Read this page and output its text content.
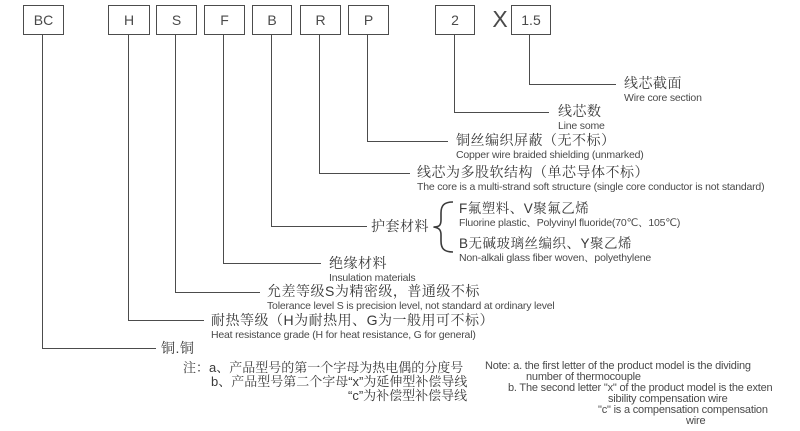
BC	H	S	F	B	R	P	2	1.5
X
线芯截面
Wire core section
线芯数
Line some
铜丝编织屏蔽（无不标）
Copper wire braided shielding (unmarked)
线芯为多股软结构（单芯导体不标）
The core is a multi-strand soft structure (single core conductor is not standard)
护套材料
F氟塑料、V聚氟乙烯
Fluorine plastic、Polyvinyl fluoride(70℃、105℃)
B无碱玻璃丝编织、Y聚乙烯
Non-alkali glass fiber woven、polyethylene
绝缘材料
Insulation materials
允差等级S为精密级，普通级不标
Tolerance level S is precision level, not standard at ordinary level
耐热等级（H为耐热用、G为一般用可不标）
Heat resistance grade (H for heat resistance, G for general)
铜.铜
注：a、产品型号的第一个字母为热电偶的分度号
b、产品型号第二个字母“x”为延伸型补偿导线
“c”为补偿型补偿导线
Note: a. the first letter of the product model is the dividing
number of thermocouple
b. The second letter "x" of the product model is the exten
sibility compensation wire
"c" is a compensation compensation
wire
